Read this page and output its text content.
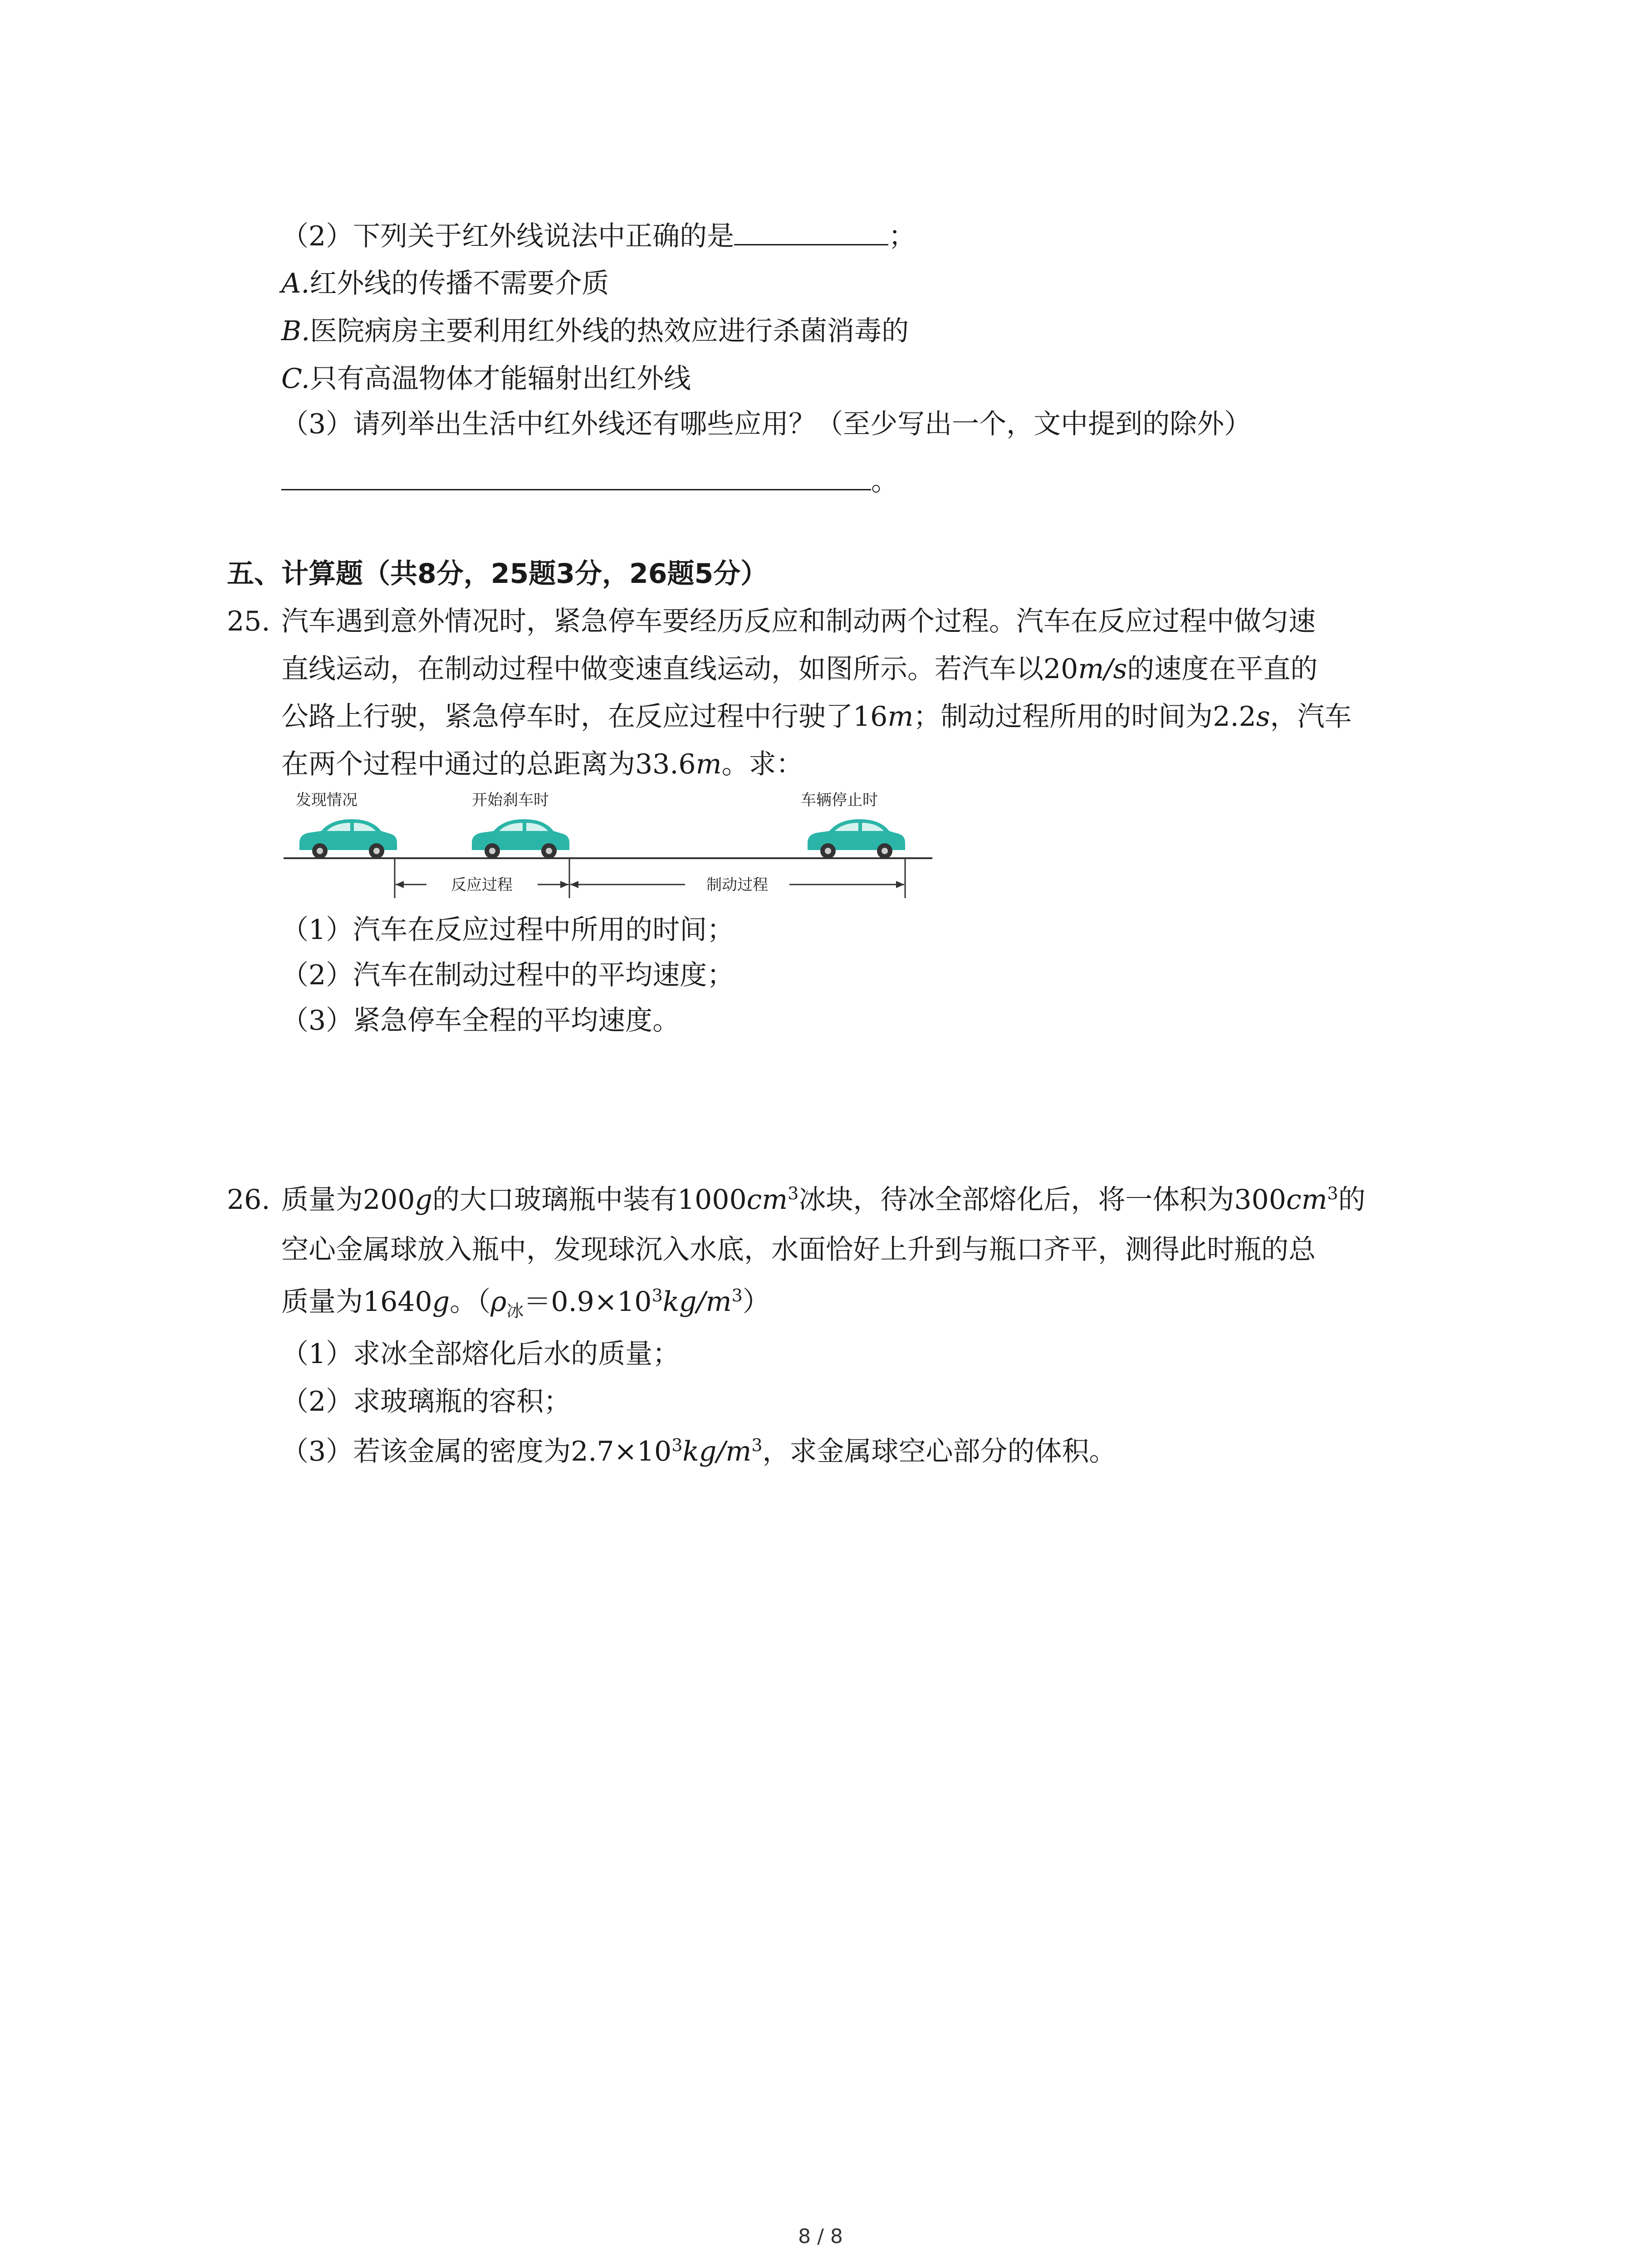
（2）下列关于红外线说法中正确的是	；
A.红外线的传播不需要介质
B.医院病房主要利用红外线的热效应进行杀菌消毒的
C.只有高温物体才能辐射出红外线
（3）请列举出生活中红外线还有哪些应用？（至少写出一个，文中提到的除外）
。
五、计算题（共8分，25题3分，26题5分）
25. 汽车遇到意外情况时，紧急停车要经历反应和制动两个过程。汽车在反应过程中做匀速
直线运动，在制动过程中做变速直线运动，如图所示。若汽车以20m/s的速度在平直的
公路上行驶，紧急停车时，在反应过程中行驶了16m；制动过程所用的时间为2.2s，汽车
在两个过程中通过的总距离为33.6m。求：
发现情况	开始刹车时	车辆停止时
反应过程	制动过程
（1）汽车在反应过程中所用的时间；
（2）汽车在制动过程中的平均速度；
（3）紧急停车全程的平均速度。
26. 质量为200g的大口玻璃瓶中装有$1000cm^3$冰块，待冰全部熔化后，将一体积为$300cm^3$的
空心金属球放入瓶中，发现球沉入水底，水面恰好上升到与瓶口齐平，测得此时瓶的总
质量为1640g。$(\rho_冰=0.9\times 10^3kg/m^3)$
（1）求冰全部熔化后水的质量；
（2）求玻璃瓶的容积；
（3）若该金属的密度为$2.7\times 10^3kg/m^3$，求金属球空心部分的体积。
8 / 8
